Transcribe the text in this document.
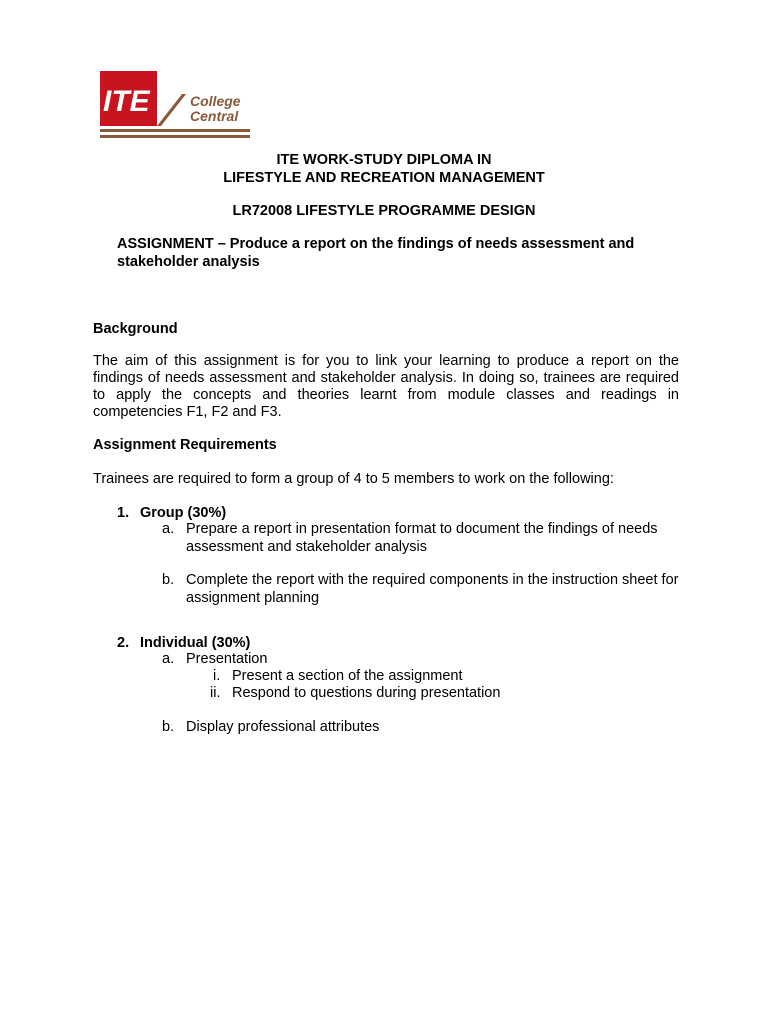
ITE	College
Central
ITE WORK-STUDY DIPLOMA IN
LIFESTYLE AND RECREATION MANAGEMENT
LR72008 LIFESTYLE PROGRAMME DESIGN
ASSIGNMENT – Produce a report on the findings of needs assessment and stakeholder analysis
Background
The aim of this assignment is for you to link your learning to produce a report on the findings of needs assessment and stakeholder analysis. In doing so, trainees are required to apply the concepts and theories learnt from module classes and readings in competencies F1, F2 and F3.
Assignment Requirements
Trainees are required to form a group of 4 to 5 members to work on the following:
1. Group (30%)
a. Prepare a report in presentation format to document the findings of needs assessment and stakeholder analysis
b. Complete the report with the required components in the instruction sheet for assignment planning
2. Individual (30%)
a. Presentation
i. Present a section of the assignment
ii. Respond to questions during presentation
b. Display professional attributes
